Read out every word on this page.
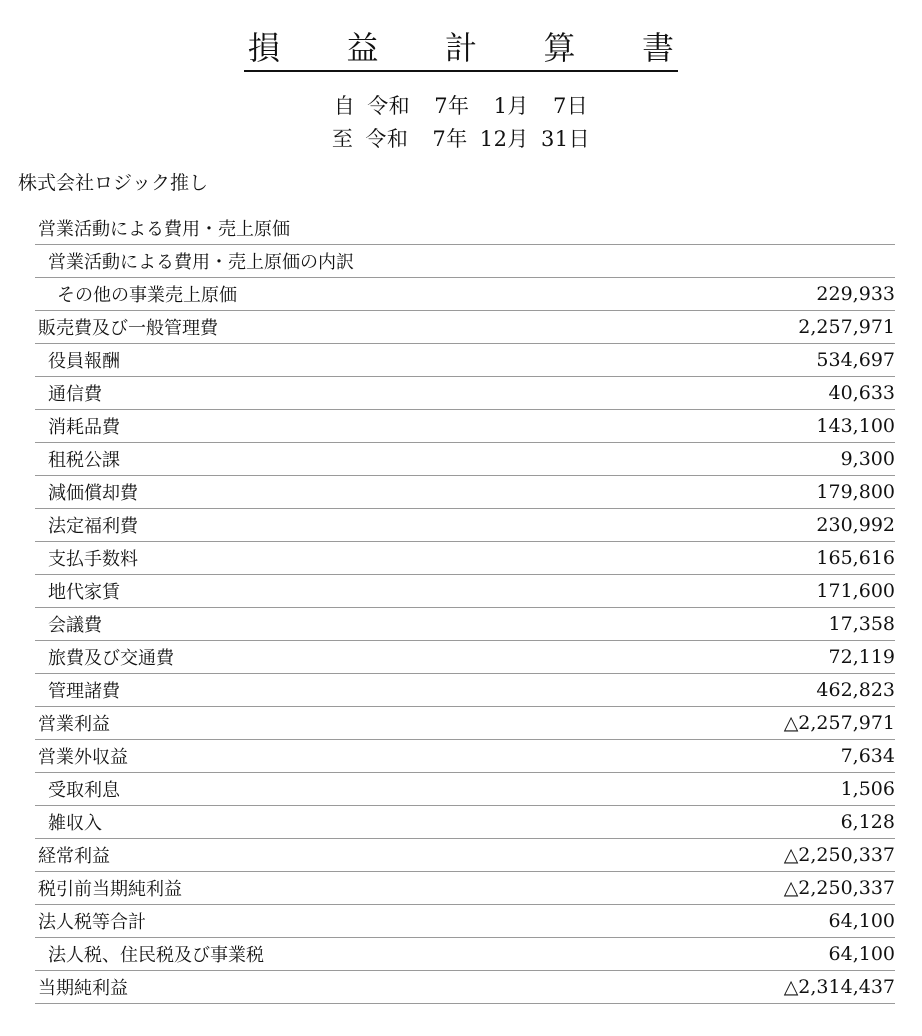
損 益 計 算 書
自 令和 7年 1月 7日
至 令和 7年 12月 31日
株式会社ロジック推し
営業活動による費用・売上原価
営業活動による費用・売上原価の内訳
その他の事業売上原価	229,933
販売費及び一般管理費	2,257,971
役員報酬	534,697
通信費	40,633
消耗品費	143,100
租税公課	9,300
減価償却費	179,800
法定福利費	230,992
支払手数料	165,616
地代家賃	171,600
会議費	17,358
旅費及び交通費	72,119
管理諸費	462,823
営業利益	△2,257,971
営業外収益	7,634
受取利息	1,506
雑収入	6,128
経常利益	△2,250,337
税引前当期純利益	△2,250,337
法人税等合計	64,100
法人税、住民税及び事業税	64,100
当期純利益	△2,314,437
